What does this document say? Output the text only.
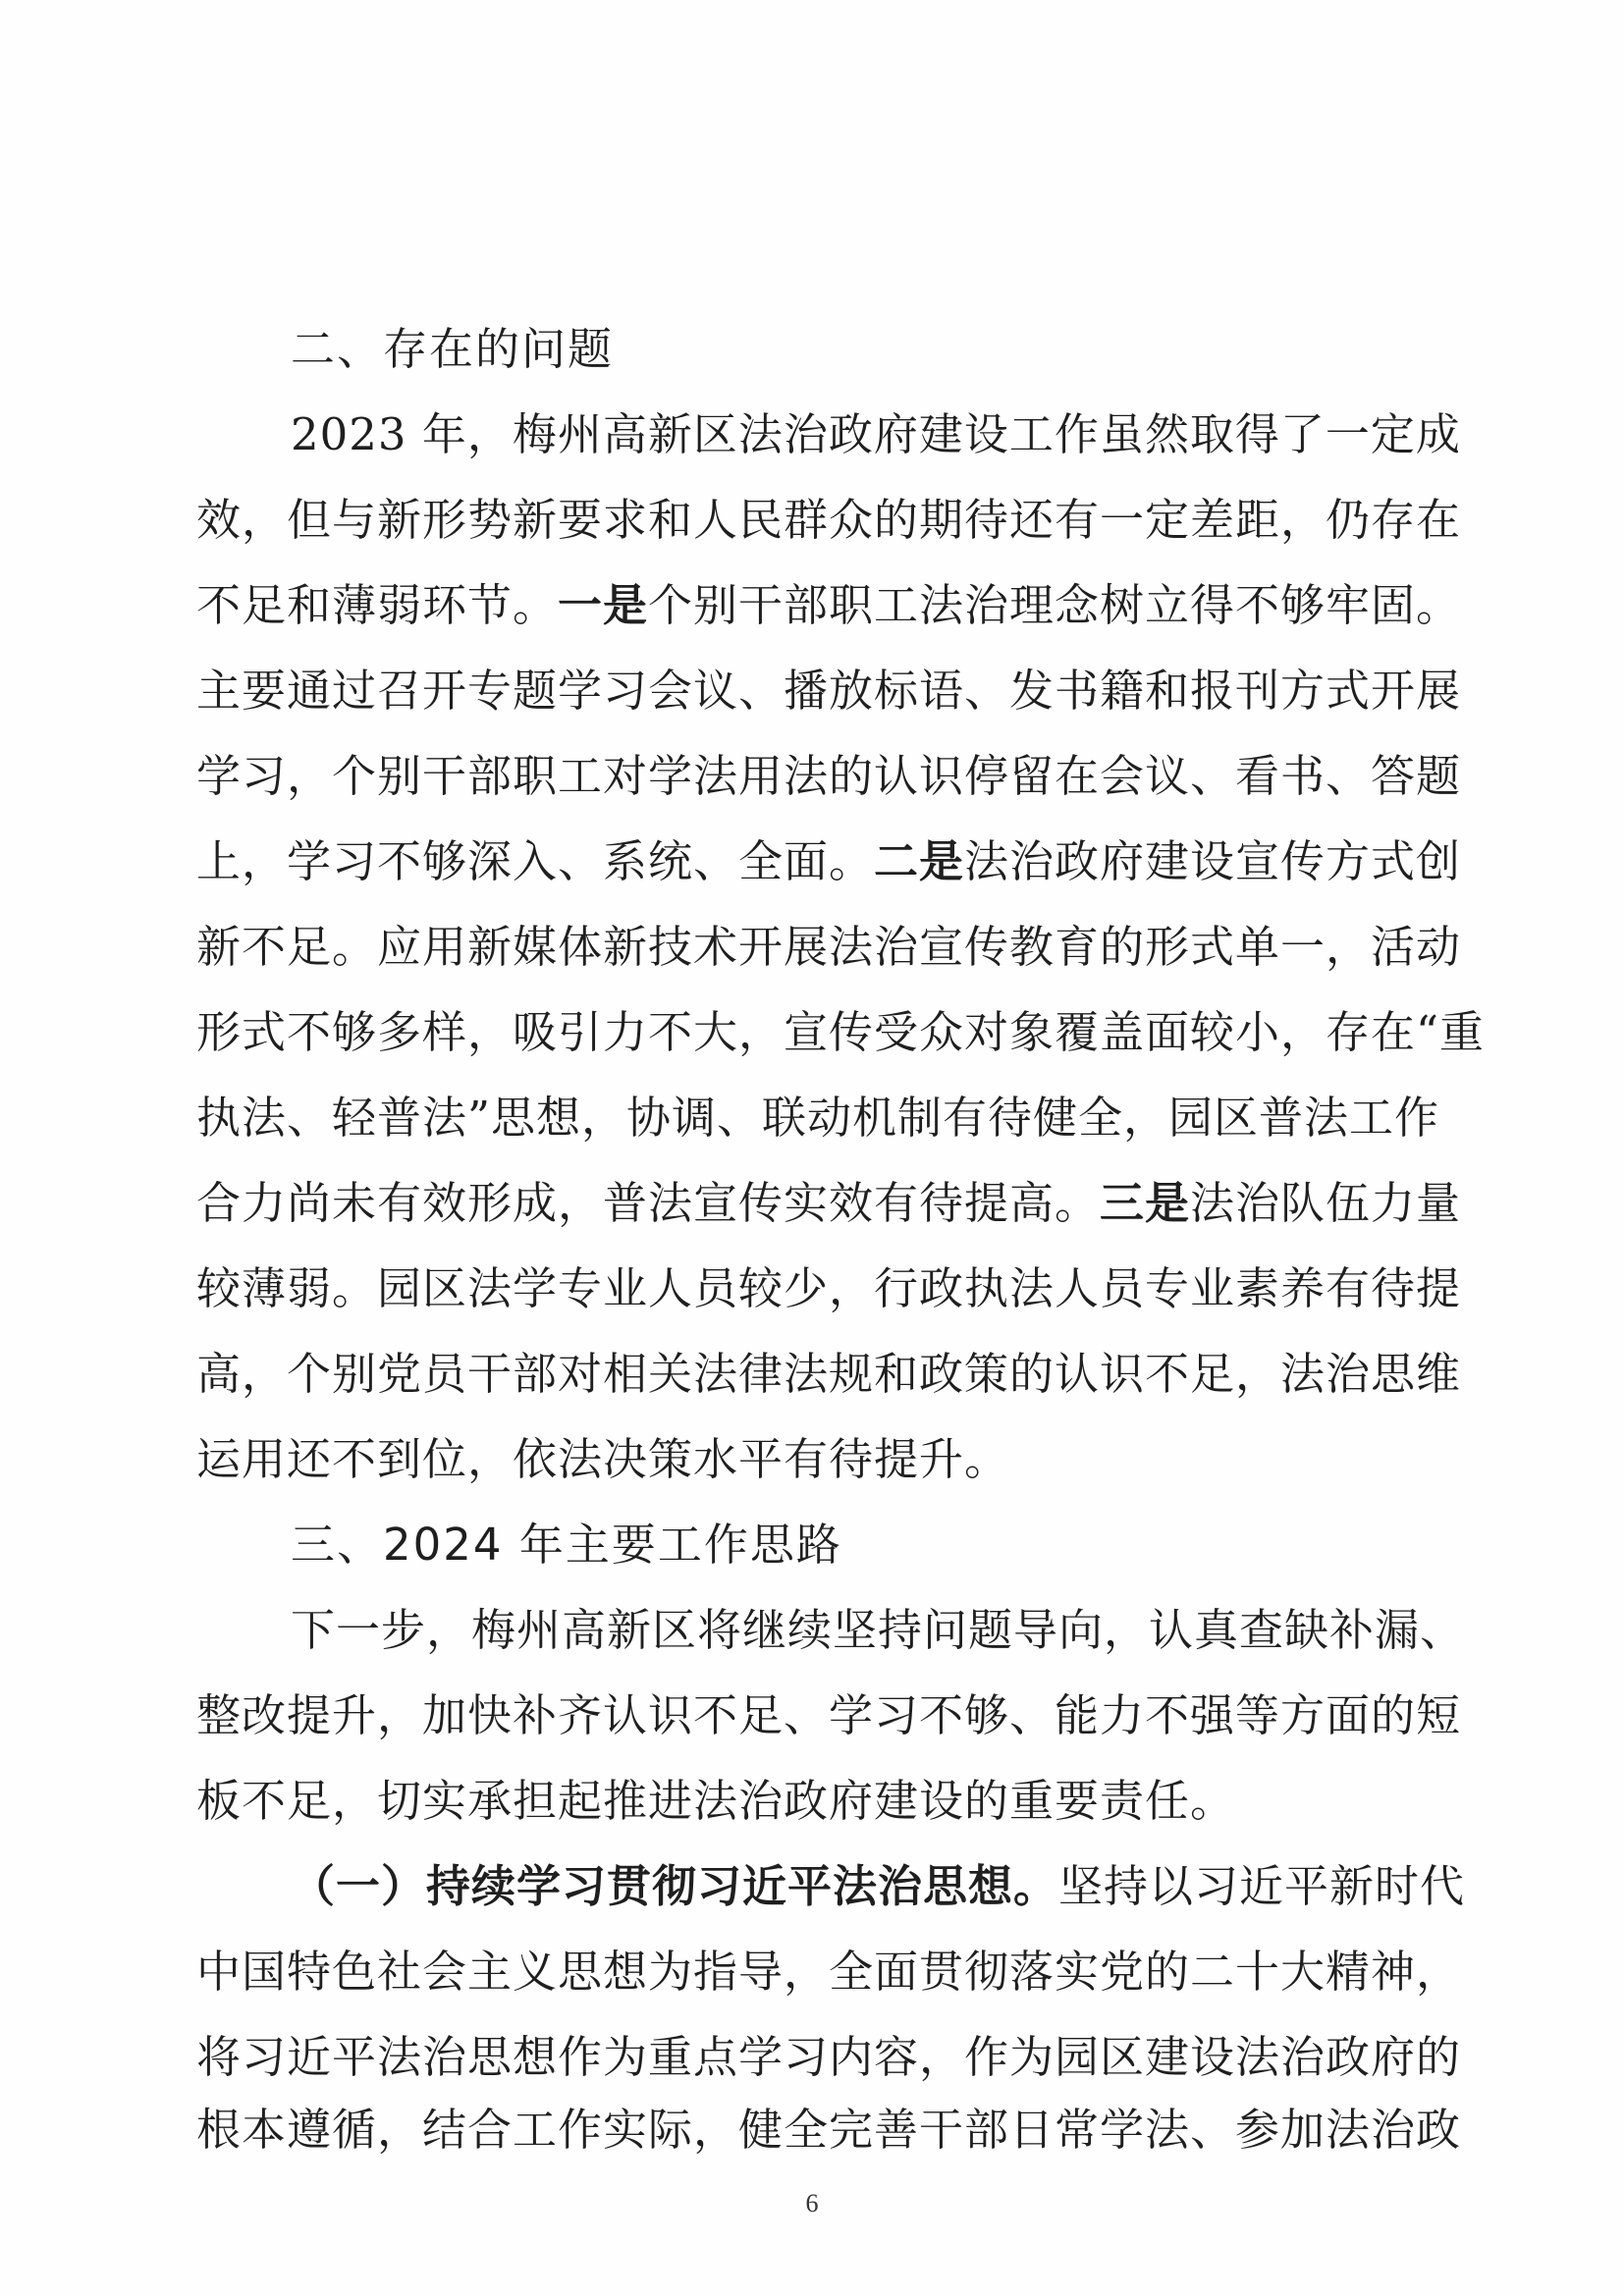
二、存在的问题
2023 年，梅州高新区法治政府建设工作虽然取得了一定成
效，但与新形势新要求和人民群众的期待还有一定差距，仍存在
不足和薄弱环节。一是个别干部职工法治理念树立得不够牢固。
主要通过召开专题学习会议、播放标语、发书籍和报刊方式开展
学习，个别干部职工对学法用法的认识停留在会议、看书、答题
上，学习不够深入、系统、全面。二是法治政府建设宣传方式创
新不足。应用新媒体新技术开展法治宣传教育的形式单一，活动
形式不够多样，吸引力不大，宣传受众对象覆盖面较小，存在“重
执法、轻普法”思想，协调、联动机制有待健全，园区普法工作
合力尚未有效形成，普法宣传实效有待提高。三是法治队伍力量
较薄弱。园区法学专业人员较少，行政执法人员专业素养有待提
高，个别党员干部对相关法律法规和政策的认识不足，法治思维
运用还不到位，依法决策水平有待提升。
三、2024 年主要工作思路
下一步，梅州高新区将继续坚持问题导向，认真查缺补漏、
整改提升，加快补齐认识不足、学习不够、能力不强等方面的短
板不足，切实承担起推进法治政府建设的重要责任。
（一）持续学习贯彻习近平法治思想。坚持以习近平新时代
中国特色社会主义思想为指导，全面贯彻落实党的二十大精神，
将习近平法治思想作为重点学习内容，作为园区建设法治政府的
根本遵循，结合工作实际，健全完善干部日常学法、参加法治政
6
